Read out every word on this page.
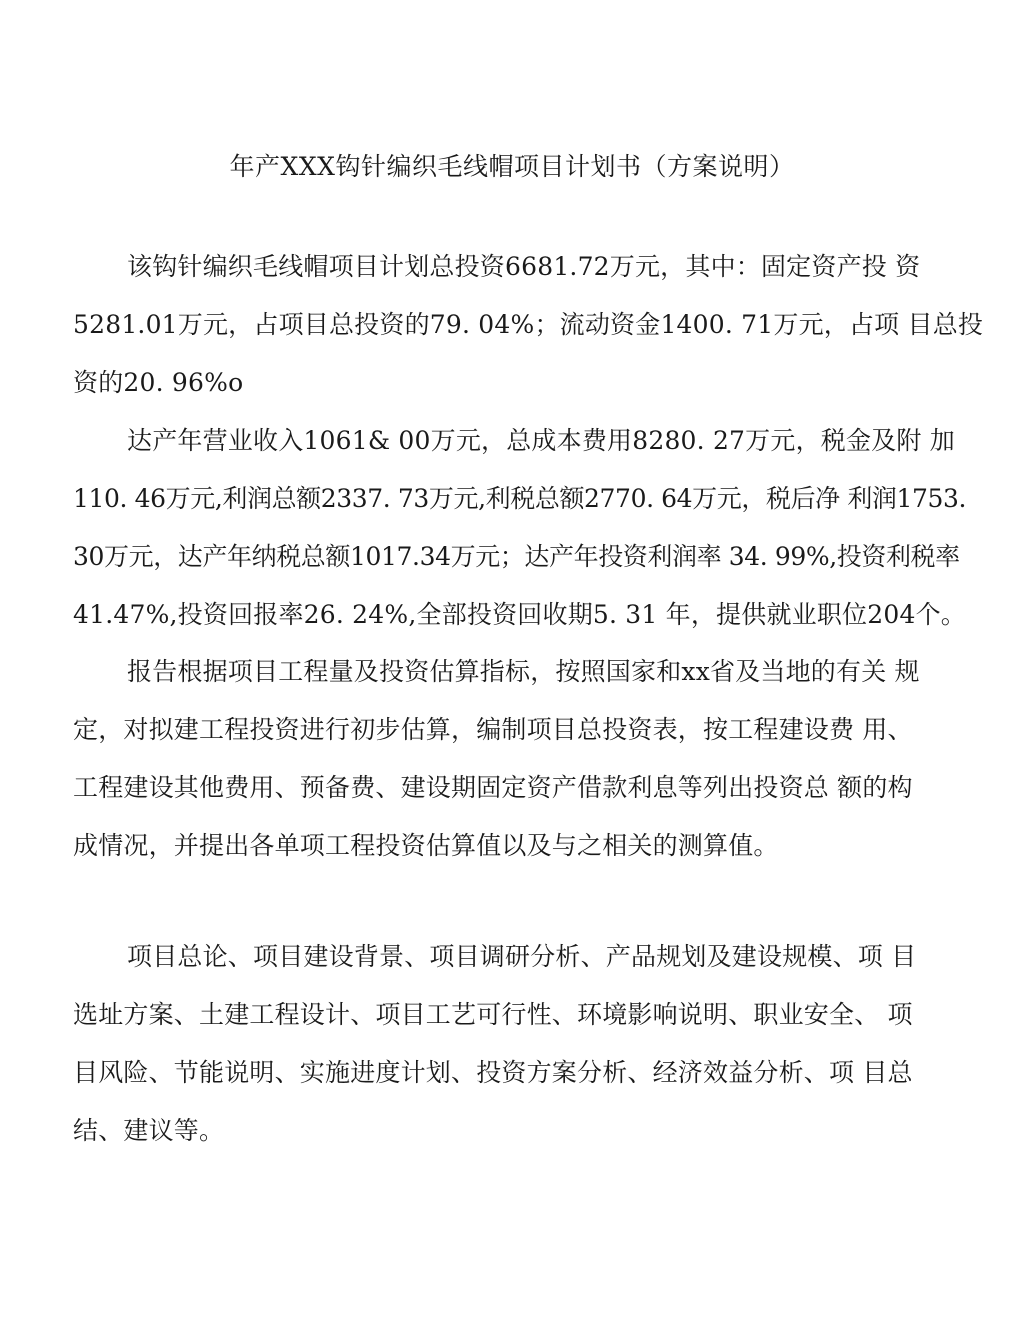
年产XXX钩针编织毛线帽项目计划书（方案说明）
该钩针编织毛线帽项目计划总投资6681.72万元，其中：固定资产投 资
5281.01万元，占项目总投资的79. 04%；流动资金1400. 71万元，占项 目总投
资的20. 96%o
达产年营业收入1061& 00万元，总成本费用8280. 27万元，税金及附 加
110. 46万元,利润总额2337. 73万元,利税总额2770. 64万元，税后净 利润1753.
30万元，达产年纳税总额1017.34万元；达产年投资利润率 34. 99%,投资利税率
41.47%,投资回报率26. 24%,全部投资回收期5. 31 年，提供就业职位204个。
报告根据项目工程量及投资估算指标，按照国家和xx省及当地的有关 规
定，对拟建工程投资进行初步估算，编制项目总投资表，按工程建设费 用、
工程建设其他费用、预备费、建设期固定资产借款利息等列出投资总 额的构
成情况，并提出各单项工程投资估算值以及与之相关的测算值。
项目总论、项目建设背景、项目调研分析、产品规划及建设规模、项 目
选址方案、土建工程设计、项目工艺可行性、环境影响说明、职业安全、 项
目风险、节能说明、实施进度计划、投资方案分析、经济效益分析、项 目总
结、建议等。
